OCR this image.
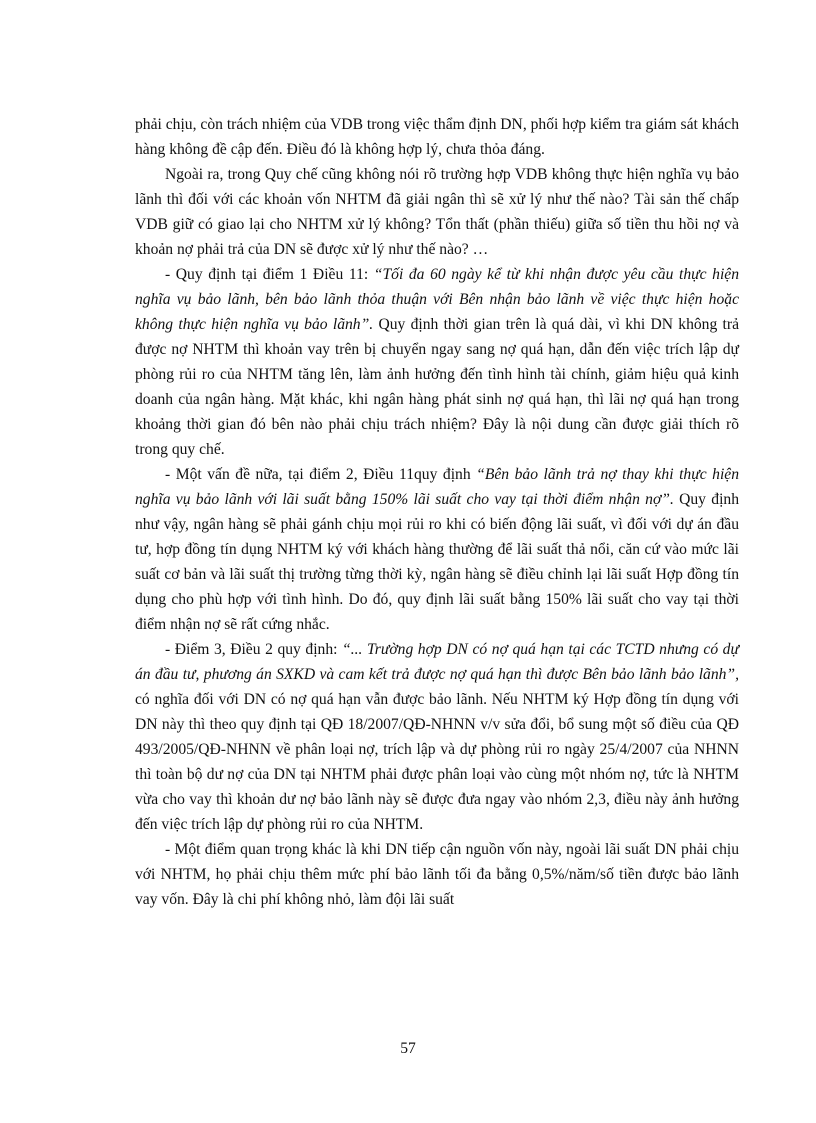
phải chịu, còn trách nhiệm của VDB trong việc thẩm định DN, phối hợp kiểm tra giám sát khách hàng không đề cập đến. Điều đó là không hợp lý, chưa thỏa đáng.

Ngoài ra, trong Quy chế cũng không nói rõ trường hợp VDB không thực hiện nghĩa vụ bảo lãnh thì đối với các khoản vốn NHTM đã giải ngân thì sẽ xử lý như thế nào? Tài sản thế chấp VDB giữ có giao lại cho NHTM xử lý không? Tổn thất (phần thiếu) giữa số tiền thu hồi nợ và khoản nợ phải trả của DN sẽ được xử lý như thế nào? …

- Quy định tại điểm 1 Điều 11: “Tối đa 60 ngày kể từ khi nhận được yêu cầu thực hiện nghĩa vụ bảo lãnh, bên bảo lãnh thỏa thuận với Bên nhận bảo lãnh về việc thực hiện hoặc không thực hiện nghĩa vụ bảo lãnh”. Quy định thời gian trên là quá dài, vì khi DN không trả được nợ NHTM thì khoản vay trên bị chuyển ngay sang nợ quá hạn, dẫn đến việc trích lập dự phòng rủi ro của NHTM tăng lên, làm ảnh hưởng đến tình hình tài chính, giảm hiệu quả kinh doanh của ngân hàng. Mặt khác, khi ngân hàng phát sinh nợ quá hạn, thì lãi nợ quá hạn trong khoảng thời gian đó bên nào phải chịu trách nhiệm? Đây là nội dung cần được giải thích rõ trong quy chế.

- Một vấn đề nữa, tại điểm 2, Điều 11quy định “Bên bảo lãnh trả nợ thay khi thực hiện nghĩa vụ bảo lãnh với lãi suất bằng 150% lãi suất cho vay tại thời điểm nhận nợ”. Quy định như vậy, ngân hàng sẽ phải gánh chịu mọi rủi ro khi có biến động lãi suất, vì đối với dự án đầu tư, hợp đồng tín dụng NHTM ký với khách hàng thường để lãi suất thả nổi, căn cứ vào mức lãi suất cơ bản và lãi suất thị trường từng thời kỳ, ngân hàng sẽ điều chỉnh lại lãi suất Hợp đồng tín dụng cho phù hợp với tình hình. Do đó, quy định lãi suất bằng 150% lãi suất cho vay tại thời điểm nhận nợ sẽ rất cứng nhắc.

- Điểm 3, Điều 2 quy định: “... Trường hợp DN có nợ quá hạn tại các TCTD nhưng có dự án đầu tư, phương án SXKD và cam kết trả được nợ quá hạn thì được Bên bảo lãnh bảo lãnh”, có nghĩa đối với DN có nợ quá hạn vẫn được bảo lãnh. Nếu NHTM ký Hợp đồng tín dụng với DN này thì theo quy định tại QĐ 18/2007/QĐ-NHNN v/v sửa đổi, bổ sung một số điều của QĐ 493/2005/QĐ-NHNN về phân loại nợ, trích lập và dự phòng rủi ro ngày 25/4/2007 của NHNN thì toàn bộ dư nợ của DN tại NHTM phải được phân loại vào cùng một nhóm nợ, tức là NHTM vừa cho vay thì khoản dư nợ bảo lãnh này sẽ được đưa ngay vào nhóm 2,3, điều này ảnh hưởng đến việc trích lập dự phòng rủi ro của NHTM.

- Một điểm quan trọng khác là khi DN tiếp cận nguồn vốn này, ngoài lãi suất DN phải chịu với NHTM, họ phải chịu thêm mức phí bảo lãnh tối đa bằng 0,5%/năm/số tiền được bảo lãnh vay vốn. Đây là chi phí không nhỏ, làm đội lãi suất

57
